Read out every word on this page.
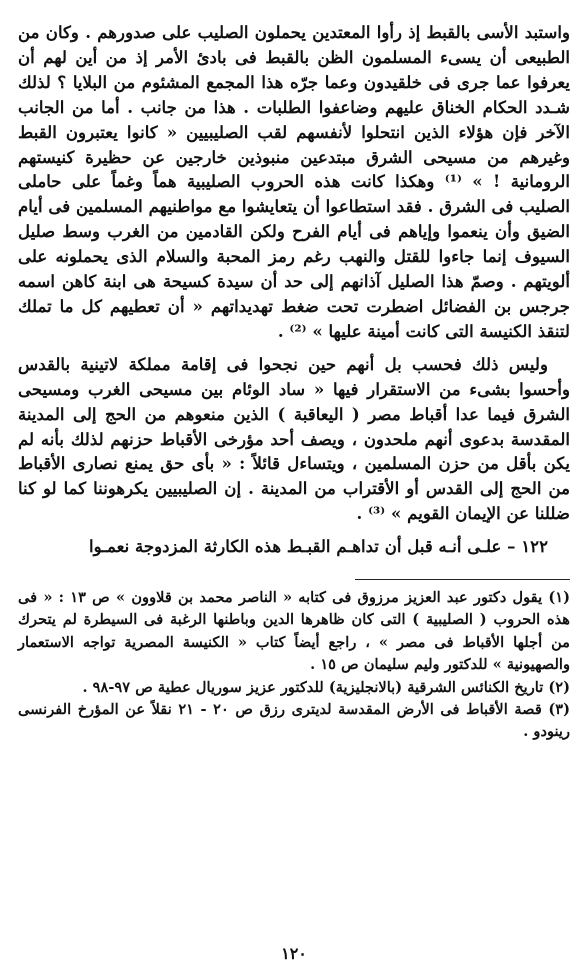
واستبد الأسى بالقبط إذ رأوا المعتدين يحملون الصليب على صدورهم . وكان من الطبيعى أن يسىء المسلمون الظن بالقبط فى بادئ الأمر إذ من أين لهم أن يعرفوا عما جرى فى خلقيدون وعما جرّه هذا المجمع المشئوم من البلايا ؟ لذلك شـدد الحكام الخناق عليهم وضاعفوا الطلبات . هذا من جانب . أما من الجانب الآخر فإن هؤلاء الذين انتحلوا لأنفسهم لقب الصليبيين « كانوا يعتبرون القبط وغيرهم من مسيحى الشرق مبتدعين منبوذين خارجين عن حظيرة كنيستهم الرومانية ! » ⁽¹⁾ وهكذا كانت هذه الحروب الصليبية هماً وغماً على حاملى الصليب فى الشرق . فقد استطاعوا أن يتعايشوا مع مواطنيهم المسلمين فى أيام الضيق وأن ينعموا وإياهم فى أيام الفرح ولكن القادمين من الغرب وسط صليل السيوف إنما جاءوا للقتل والنهب رغم رمز المحبة والسلام الذى يحملونه على ألويتهم . وصمّ هذا الصليل آذانهم إلى حد أن سيدة كسيحة هى ابنة كاهن اسمه جرجس بن الفضائل اضطرت تحت ضغط تهديداتهم « أن تعطيهم كل ما تملك لتنقذ الكنيسة التى كانت أمينة عليها » ⁽²⁾ .

وليس ذلك فحسب بل أنهم حين نجحوا فى إقامة مملكة لاتينية بالقدس وأحسوا بشىء من الاستقرار فيها « ساد الوئام بين مسيحى الغرب ومسيحى الشرق فيما عدا أقباط مصر ( اليعاقبة ) الذين منعوهم من الحج إلى المدينة المقدسة بدعوى أنهم ملحدون ، ويصف أحد مؤرخى الأقباط حزنهم لذلك بأنه لم يكن بأقل من حزن المسلمين ، ويتساءل قائلاً : « بأى حق يمنع نصارى الأقباط من الحج إلى القدس أو الأقتراب من المدينة . إن الصليبيين يكرهوننا كما لو كنا ضللنا عن الإيمان القويم » ⁽³⁾ .

١٢٢ – علـى أنـه قبل أن تداهـم القبـط هذه الكارثة المزدوجة نعمـوا

(١) يقول دكتور عبد العزيز مرزوق فى كتابه « الناصر محمد بن قلاوون » ص ١٣ : « فى هذه الحروب ( الصليبية ) التى كان ظاهرها الدين وباطنها الرغبة فى السيطرة لم يتحرك من أجلها الأقباط فى مصر » ، راجع أيضاً كتاب « الكنيسة المصرية تواجه الاستعمار والصهيونية » للدكتور وليم سليمان ص ١٥ .

(٢) تاريخ الكنائس الشرقية (بالانجليزية) للدكتور عزيز سوريال عطية ص ٩٧-٩٨ .

(٣) قصة الأقباط فى الأرض المقدسة لديترى رزق ص ٢٠ - ٢١ نقلاً عن المؤرخ الفرنسى رينودو .

١٢٠
